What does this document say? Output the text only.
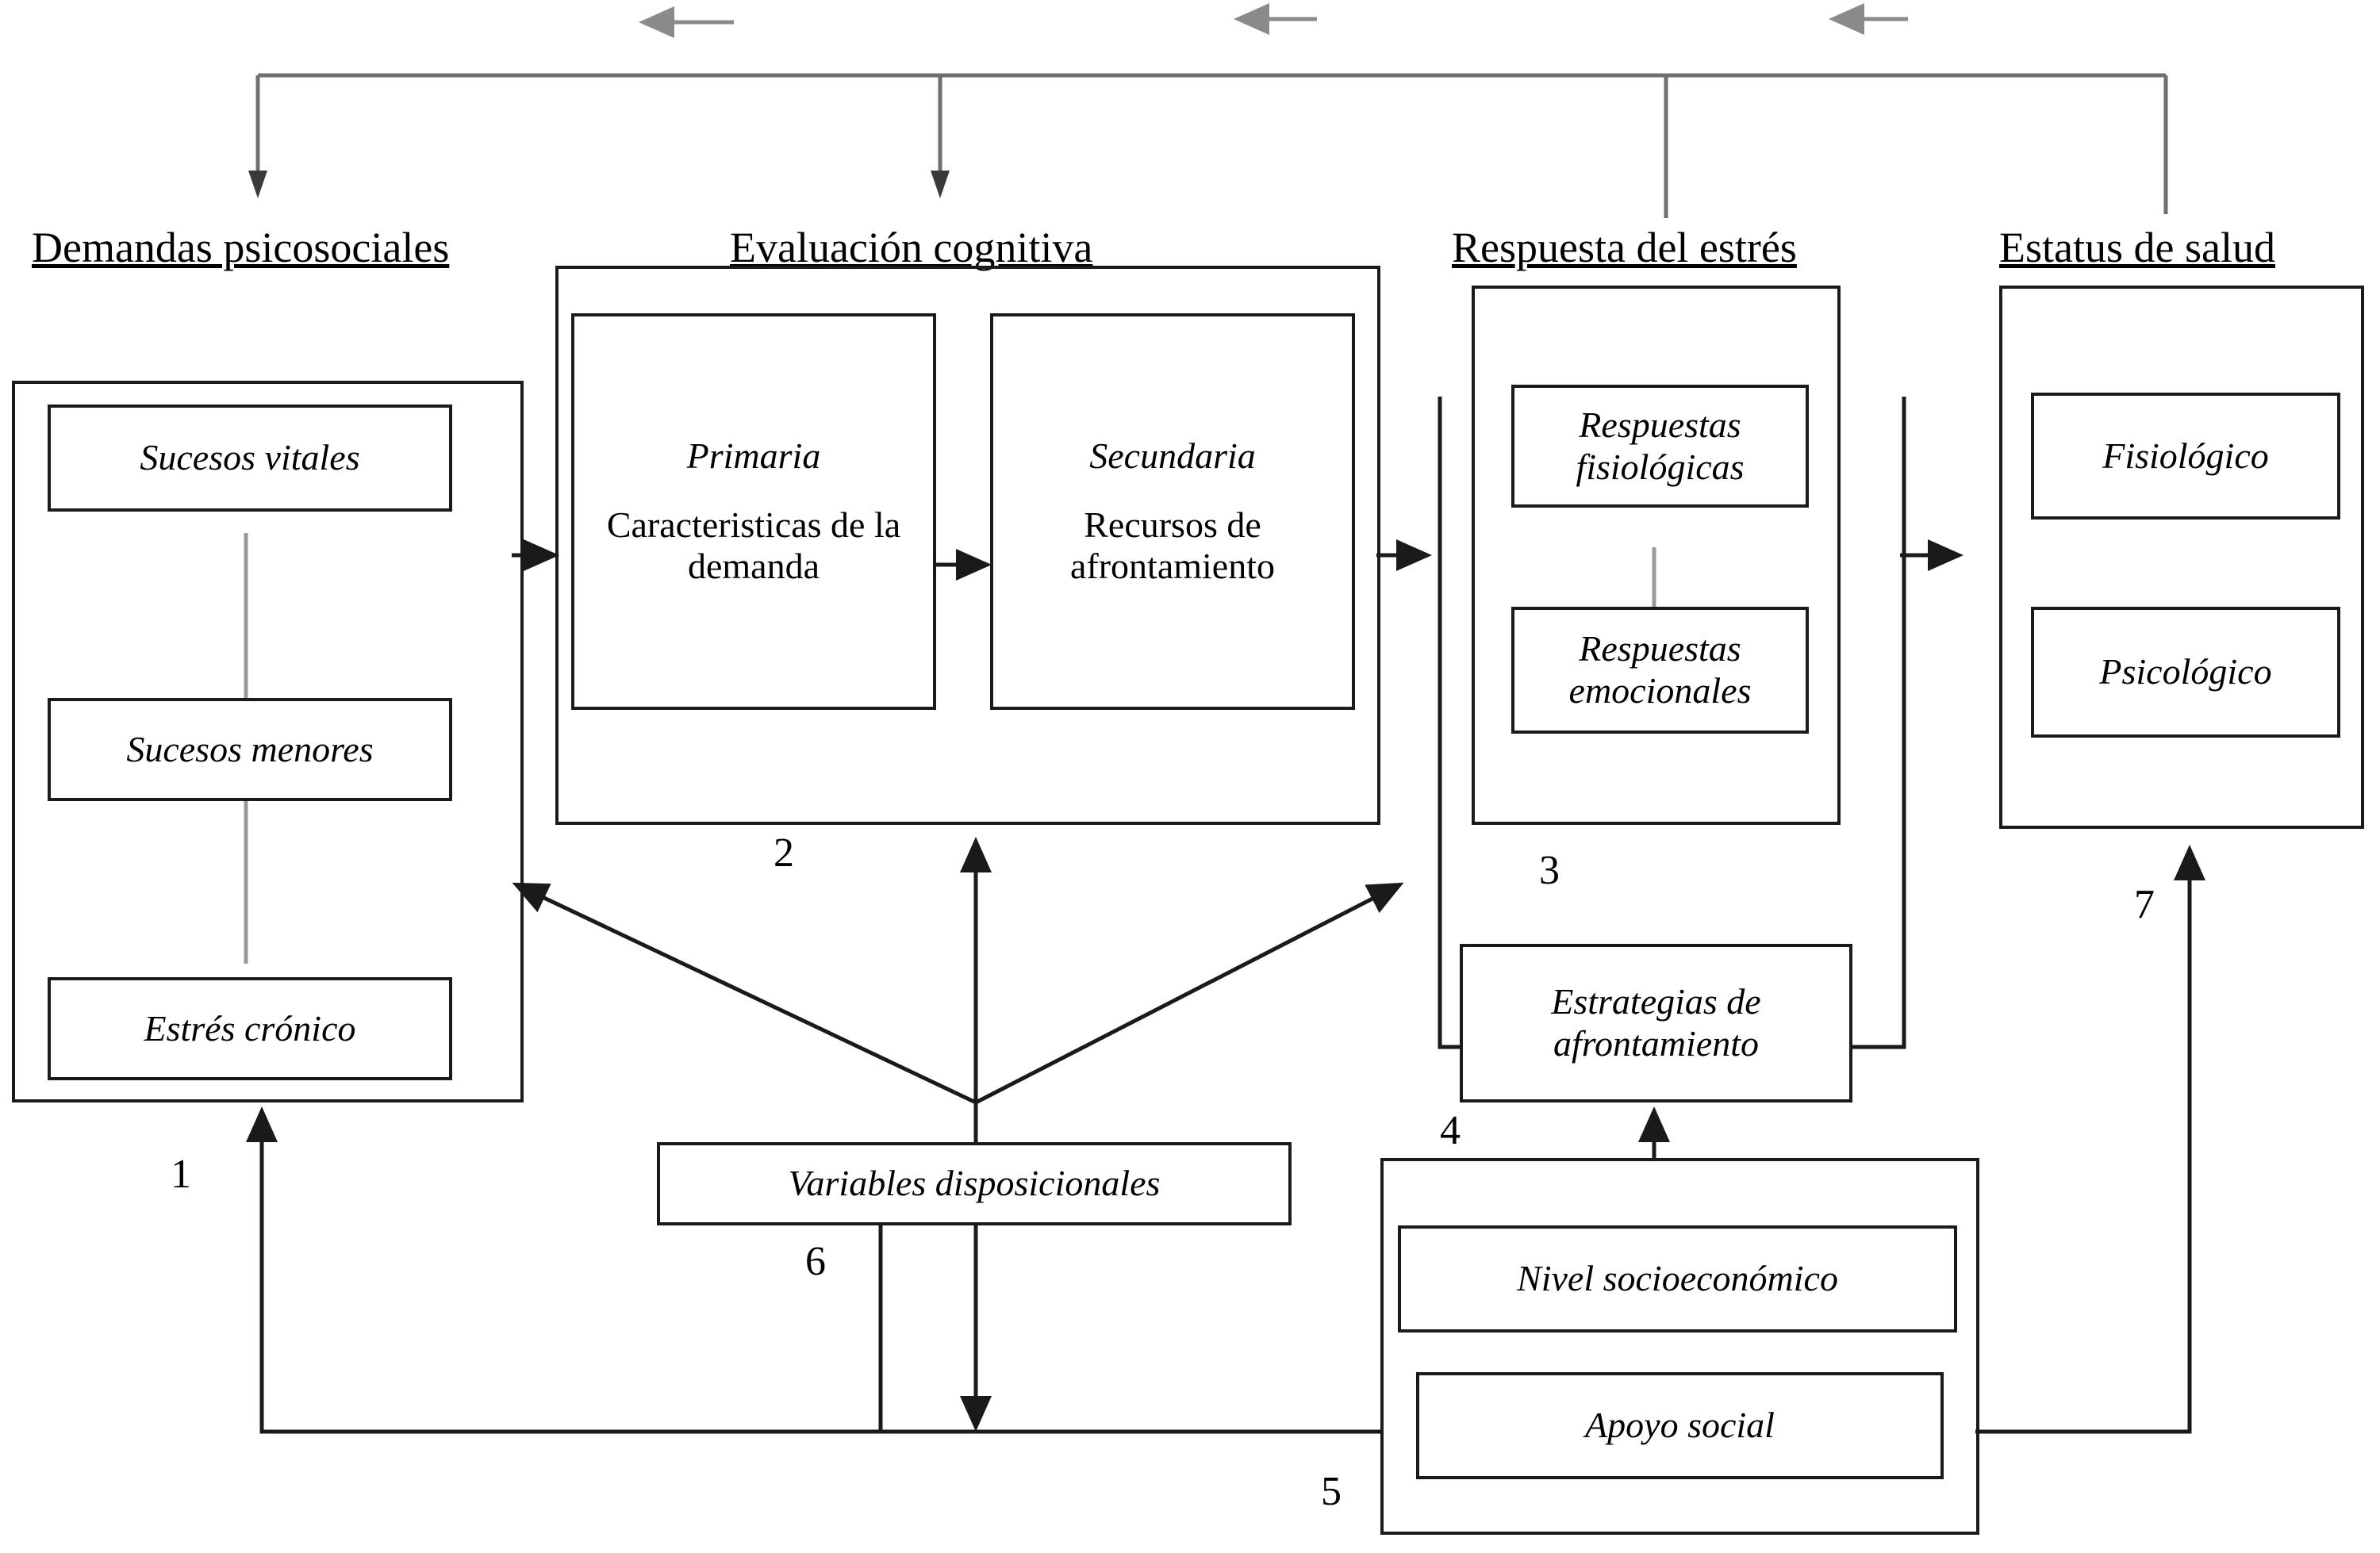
Demandas psicosociales	Evaluación cognitiva	Respuesta del estrés	Estatus de salud
Sucesos vitales
Sucesos menores
Estrés crónico
Primaria
Caracteristicas de la demanda
Secundaria
Recursos de afrontamiento
Respuestas fisiológicas
Respuestas emocionales
Estrategias de afrontamiento
Fisiológico
Psicológico
Variables disposicionales
Nivel socioeconómico
Apoyo social
1
2	3
4
5
6
7
